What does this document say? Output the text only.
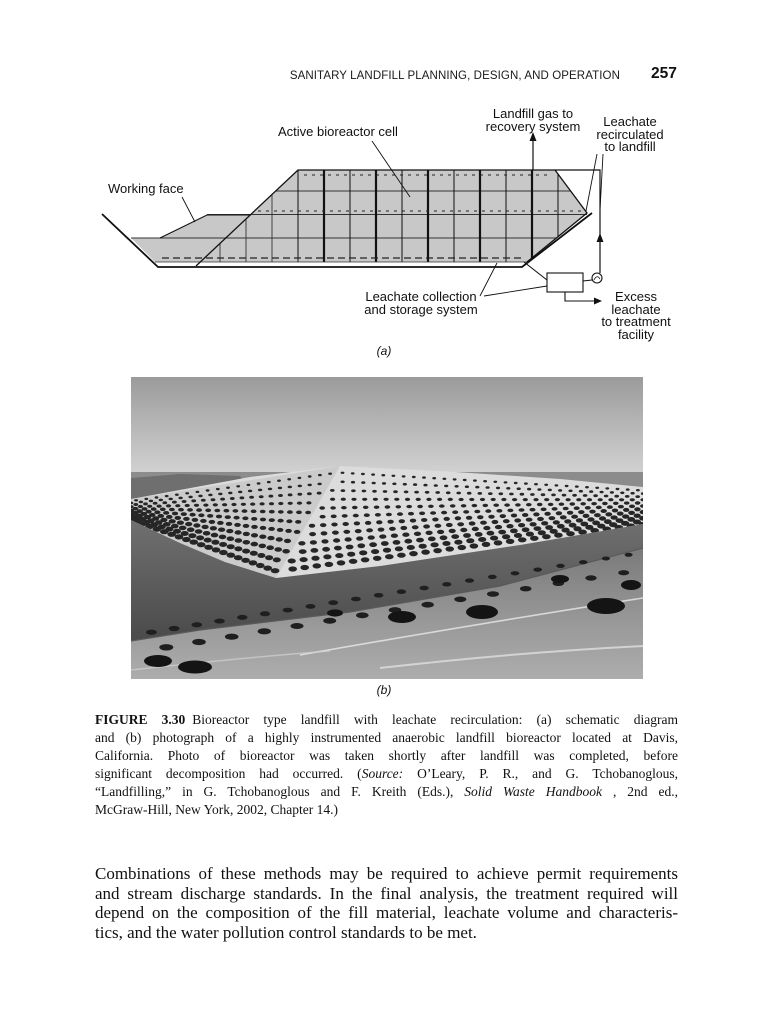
SANITARY LANDFILL PLANNING, DESIGN, AND OPERATION 257
Landfill gas to
recovery system	Leachate
recirculated
to landfill
Active bioreactor cell
Working face
Leachate collection
and storage system
Excess
leachate
to treatment
facility
(a)
(b)
FIGURE 3.30 Bioreactor type landfill with leachate recirculation: (a) schematic diagram
and (b) photograph of a highly instrumented anaerobic landfill bioreactor located at Davis,
California. Photo of bioreactor was taken shortly after landfill was completed, before
significant decomposition had occurred. (Source: O’Leary, P. R., and G. Tchobanoglous,
“Landfilling,” in G. Tchobanoglous and F. Kreith (Eds.), Solid Waste Handbook , 2nd ed.,
McGraw-Hill, New York, 2002, Chapter 14.)
Combinations of these methods may be required to achieve permit requirements
and stream discharge standards. In the final analysis, the treatment required will
depend on the composition of the fill material, leachate volume and characteris-
tics, and the water pollution control standards to be met.
